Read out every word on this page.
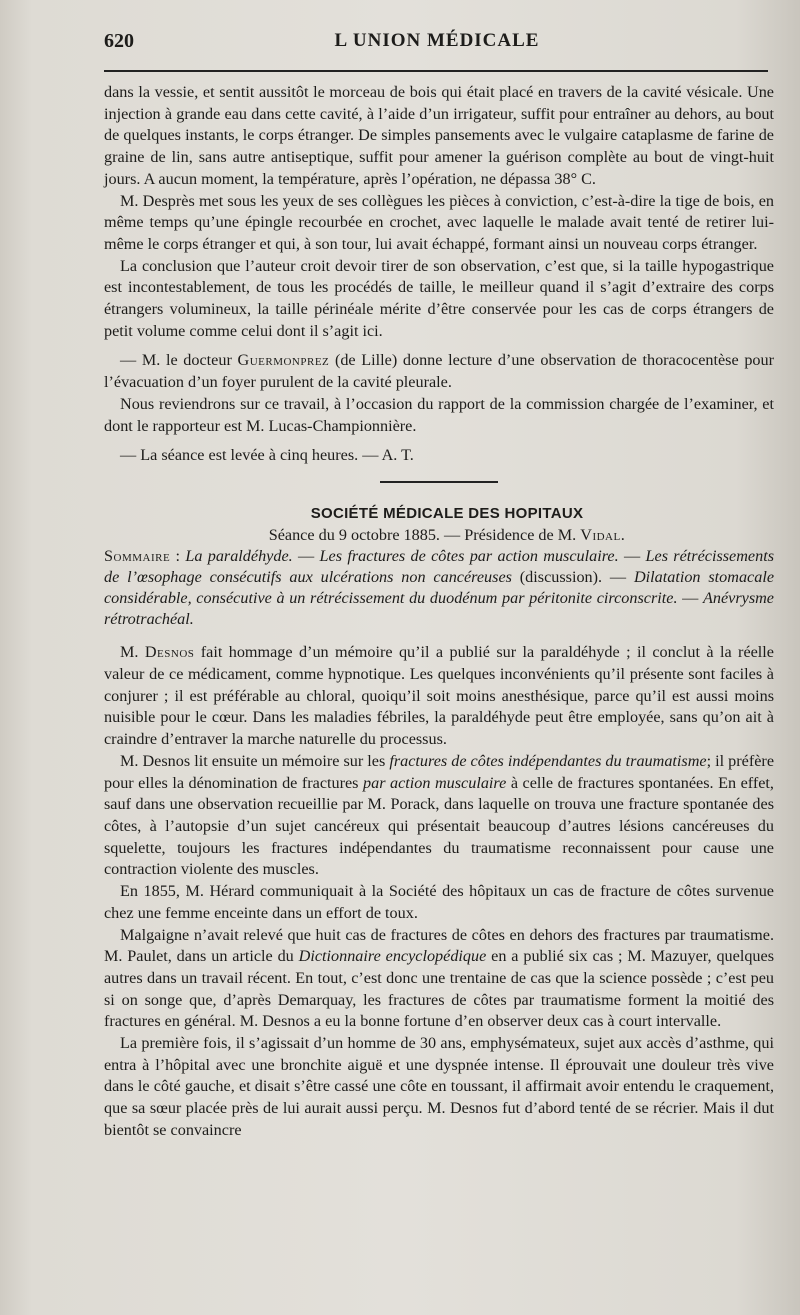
620	L UNION MÉDICALE

dans la vessie, et sentit aussitôt le morceau de bois qui était placé en travers de la cavité vésicale. Une injection à grande eau dans cette cavité, à l’aide d’un irrigateur, suffit pour entraîner au dehors, au bout de quelques instants, le corps étranger. De simples pansements avec le vulgaire cataplasme de farine de graine de lin, sans autre antiseptique, suffit pour amener la guérison complète au bout de vingt-huit jours. A aucun moment, la température, après l’opération, ne dépassa 38° C.

M. Desprès met sous les yeux de ses collègues les pièces à conviction, c’est-à-dire la tige de bois, en même temps qu’une épingle recourbée en crochet, avec laquelle le malade avait tenté de retirer lui-même le corps étranger et qui, à son tour, lui avait échappé, formant ainsi un nouveau corps étranger.

La conclusion que l’auteur croit devoir tirer de son observation, c’est que, si la taille hypogastrique est incontestablement, de tous les procédés de taille, le meilleur quand il s’agit d’extraire des corps étrangers volumineux, la taille périnéale mérite d’être conservée pour les cas de corps étrangers de petit volume comme celui dont il s’agit ici.

— M. le docteur Guermonprez (de Lille) donne lecture d’une observation de thoracocentèse pour l’évacuation d’un foyer purulent de la cavité pleurale.

Nous reviendrons sur ce travail, à l’occasion du rapport de la commission chargée de l’examiner, et dont le rapporteur est M. Lucas-Championnière.

— La séance est levée à cinq heures. — A. T.

SOCIÉTÉ MÉDICALE DES HOPITAUX

Séance du 9 octobre 1885. — Présidence de M. Vidal.

Sommaire : La paraldéhyde. — Les fractures de côtes par action musculaire. — Les rétrécissements de l’œsophage consécutifs aux ulcérations non cancéreuses (discussion). — Dilatation stomacale considérable, consécutive à un rétrécissement du duodénum par péritonite circonscrite. — Anévrysme rétrotrachéal.

M. Desnos fait hommage d’un mémoire qu’il a publié sur la paraldéhyde ; il conclut à la réelle valeur de ce médicament, comme hypnotique. Les quelques inconvénients qu’il présente sont faciles à conjurer ; il est préférable au chloral, quoiqu’il soit moins anesthésique, parce qu’il est aussi moins nuisible pour le cœur. Dans les maladies fébriles, la paraldéhyde peut être employée, sans qu’on ait à craindre d’entraver la marche naturelle du processus.

M. Desnos lit ensuite un mémoire sur les fractures de côtes indépendantes du traumatisme; il préfère pour elles la dénomination de fractures par action musculaire à celle de fractures spontanées. En effet, sauf dans une observation recueillie par M. Porack, dans laquelle on trouva une fracture spontanée des côtes, à l’autopsie d’un sujet cancéreux qui présentait beaucoup d’autres lésions cancéreuses du squelette, toujours les fractures indépendantes du traumatisme reconnaissent pour cause une contraction violente des muscles.

En 1855, M. Hérard communiquait à la Société des hôpitaux un cas de fracture de côtes survenue chez une femme enceinte dans un effort de toux.

Malgaigne n’avait relevé que huit cas de fractures de côtes en dehors des fractures par traumatisme. M. Paulet, dans un article du Dictionnaire encyclopédique en a publié six cas ; M. Mazuyer, quelques autres dans un travail récent. En tout, c’est donc une trentaine de cas que la science possède ; c’est peu si on songe que, d’après Demarquay, les fractures de côtes par traumatisme forment la moitié des fractures en général. M. Desnos a eu la bonne fortune d’en observer deux cas à court intervalle.

La première fois, il s’agissait d’un homme de 30 ans, emphysémateux, sujet aux accès d’asthme, qui entra à l’hôpital avec une bronchite aiguë et une dyspnée intense. Il éprouvait une douleur très vive dans le côté gauche, et disait s’être cassé une côte en toussant, il affirmait avoir entendu le craquement, que sa sœur placée près de lui aurait aussi perçu. M. Desnos fut d’abord tenté de se récrier. Mais il dut bientôt se convaincre
